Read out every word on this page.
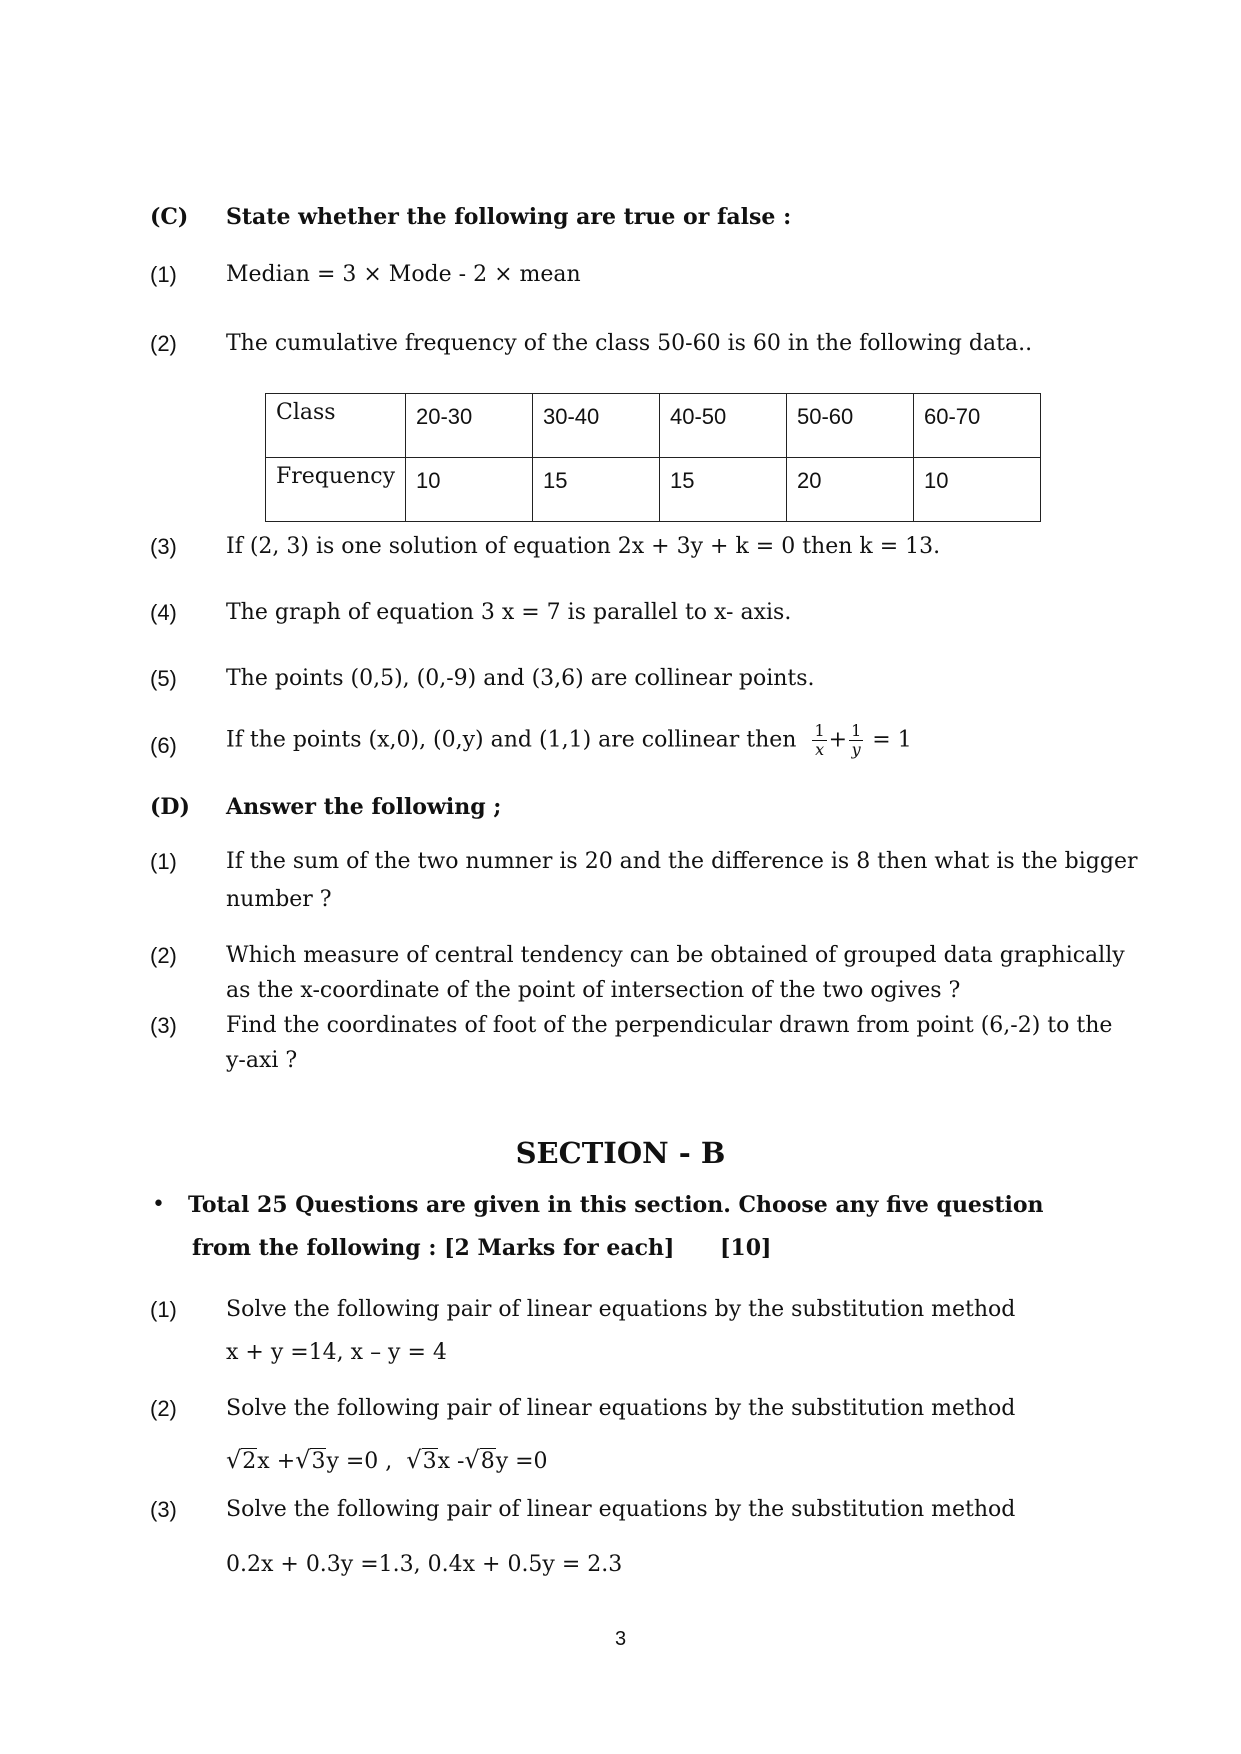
(C) State whether the following are true or false :
(1)	Median = 3 × Mode - 2 × mean
(2)	The cumulative frequency of the class 50-60 is 60 in the following data..
Class	20-30	30-40	40-50	50-60	60-70
Frequency	10	15	15	20	10
(3)	If (2, 3) is one solution of equation 2x + 3y + k = 0 then k = 13.
(4)	The graph of equation 3 x = 7 is parallel to x- axis.
(5)	The points (0,5), (0,-9) and (3,6) are collinear points.
(6)	If the points (x,0), (0,y) and (1,1) are collinear then $\frac{1}{x} + \frac{1}{y} = 1$
(D) Answer the following ;
(1)	If the sum of the two numner is 20 and the difference is 8 then what is the bigger
number ?
(2)	Which measure of central tendency can be obtained of grouped data graphically
as the x-coordinate of the point of intersection of the two ogives ?
(3)	Find the coordinates of foot of the perpendicular drawn from point (6,-2) to the
y-axi ?
SECTION - B
• Total 25 Questions are given in this section. Choose any five question
from the following : [2 Marks for each] [10]
(1)	Solve the following pair of linear equations by the substitution method
x + y =14, x – y = 4
(2)	Solve the following pair of linear equations by the substitution method
√2x +√3y =0 ,  √3x -√8y =0
(3)	Solve the following pair of linear equations by the substitution method
0.2x + 0.3y =1.3, 0.4x + 0.5y = 2.3
3
